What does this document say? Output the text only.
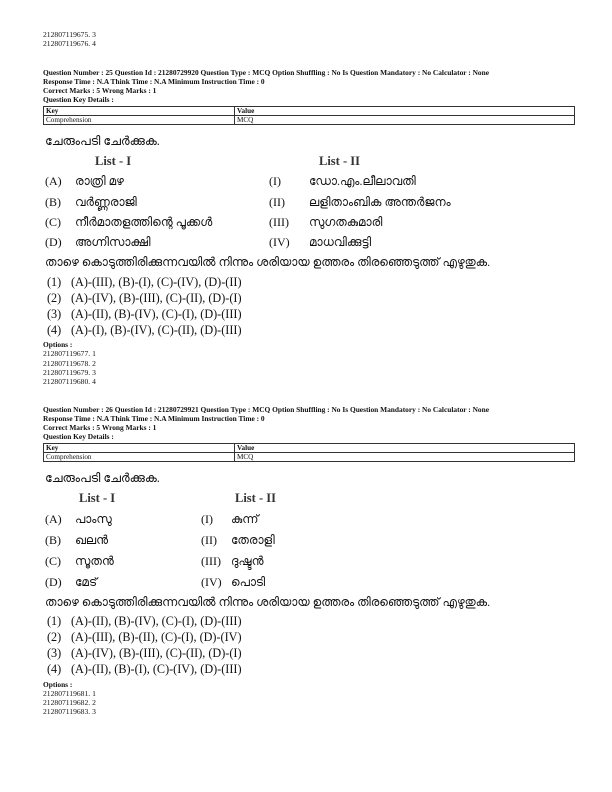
212807119675. 3
212807119676. 4
Question Number : 25 Question Id : 21280729920 Question Type : MCQ Option Shuffling : No Is Question Mandatory : No Calculator : None
Response Time : N.A Think Time : N.A Minimum Instruction Time : 0
Correct Marks : 5 Wrong Marks : 1
Question Key Details :
Key	Value
Comprehension	MCQ
ചേരുംപടി ചേർക്കുക.
List - I	List - II
(A)	രാത്രി മഴ	(I)	ഡോ.എം.ലീലാവതി
(B)	വർണ്ണരാജി	(II)	ലളിതാംബിക അന്തർജനം
(C)	നീർമാതളത്തിന്റെ പൂക്കൾ	(III)	സുഗതകുമാരി
(D)	അഗ്നിസാക്ഷി	(IV)	മാധവിക്കുട്ടി
താഴെ കൊടുത്തിരിക്കുന്നവയിൽ നിന്നും ശരിയായ ഉത്തരം തിരഞ്ഞെടുത്ത് എഴുതുക.
(1) (A)-(III), (B)-(I), (C)-(IV), (D)-(II)
(2) (A)-(IV), (B)-(III), (C)-(II), (D)-(I)
(3) (A)-(II), (B)-(IV), (C)-(I), (D)-(III)
(4) (A)-(I), (B)-(IV), (C)-(II), (D)-(III)
Options :
212807119677. 1
212807119678. 2
212807119679. 3
212807119680. 4
Question Number : 26 Question Id : 21280729921 Question Type : MCQ Option Shuffling : No Is Question Mandatory : No Calculator : None
Response Time : N.A Think Time : N.A Minimum Instruction Time : 0
Correct Marks : 5 Wrong Marks : 1
Question Key Details :
Key	Value
Comprehension	MCQ
ചേരുംപടി ചേർക്കുക.
List - I	List - II
(A)	പാംസു	(I)	കുന്ന്
(B)	ഖലൻ	(II)	തേരാളി
(C)	സൂതൻ	(III) ദുഷ്ടൻ
(D)	മേട്	(IV) പൊടി
താഴെ കൊടുത്തിരിക്കുന്നവയിൽ നിന്നും ശരിയായ ഉത്തരം തിരഞ്ഞെടുത്ത് എഴുതുക.
(1) (A)-(II), (B)-(IV), (C)-(I), (D)-(III)
(2) (A)-(III), (B)-(II), (C)-(I), (D)-(IV)
(3) (A)-(IV), (B)-(III), (C)-(II), (D)-(I)
(4) (A)-(II), (B)-(I), (C)-(IV), (D)-(III)
Options :
212807119681. 1
212807119682. 2
212807119683. 3
